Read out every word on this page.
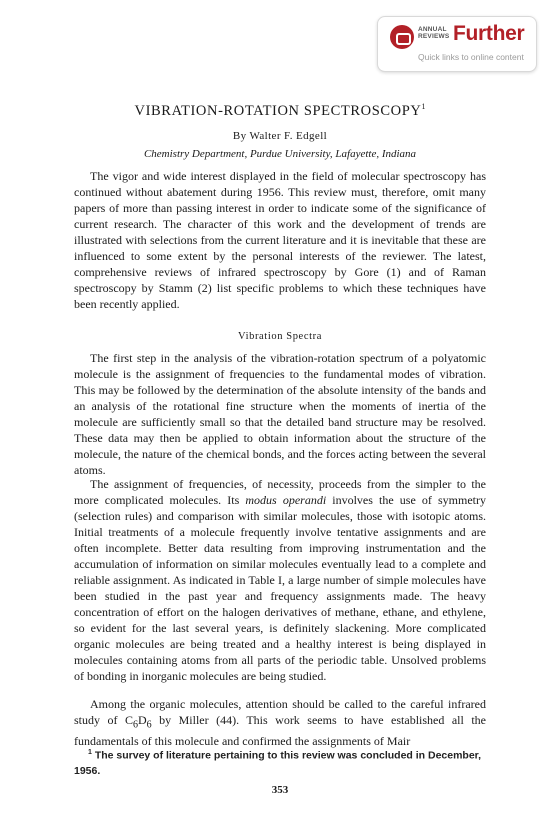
ANNUAL REVIEWS Further
Quick links to online content
VIBRATION-ROTATION SPECTROSCOPY$^1$
By Walter F. Edgell
Chemistry Department, Purdue University, Lafayette, Indiana

The vigor and wide interest displayed in the field of molecular spectroscopy has continued without abatement during 1956. This review must, therefore, omit many papers of more than passing interest in order to indicate some of the significance of current research. The character of this work and the development of trends are illustrated with selections from the current literature and it is inevitable that these are influenced to some extent by the personal interests of the reviewer. The latest, comprehensive reviews of infrared spectroscopy by Gore (1) and of Raman spectroscopy by Stamm (2) list specific problems to which these techniques have been recently applied.

Vibration Spectra

The first step in the analysis of the vibration-rotation spectrum of a polyatomic molecule is the assignment of frequencies to the fundamental modes of vibration. This may be followed by the determination of the absolute intensity of the bands and an analysis of the rotational fine structure when the moments of inertia of the molecule are sufficiently small so that the detailed band structure may be resolved. These data may then be applied to obtain information about the structure of the molecule, the nature of the chemical bonds, and the forces acting between the several atoms.

The assignment of frequencies, of necessity, proceeds from the simpler to the more complicated molecules. Its modus operandi involves the use of symmetry (selection rules) and comparison with similar molecules, those with isotopic atoms. Initial treatments of a molecule frequently involve tentative assignments and are often incomplete. Better data resulting from improving instrumentation and the accumulation of information on similar molecules eventually lead to a complete and reliable assignment. As indicated in Table I, a large number of simple molecules have been studied in the past year and frequency assignments made. The heavy concentration of effort on the halogen derivatives of methane, ethane, and ethylene, so evident for the last several years, is definitely slackening. More complicated organic molecules are being treated and a healthy interest is being displayed in molecules containing atoms from all parts of the periodic table. Unsolved problems of bonding in inorganic molecules are being studied.

Among the organic molecules, attention should be called to the careful infrared study of $C_6D_6$ by Miller (44). This work seems to have established all the fundamentals of this molecule and confirmed the assignments of Mair

$^1$ The survey of literature pertaining to this review was concluded in December, 1956.

353
